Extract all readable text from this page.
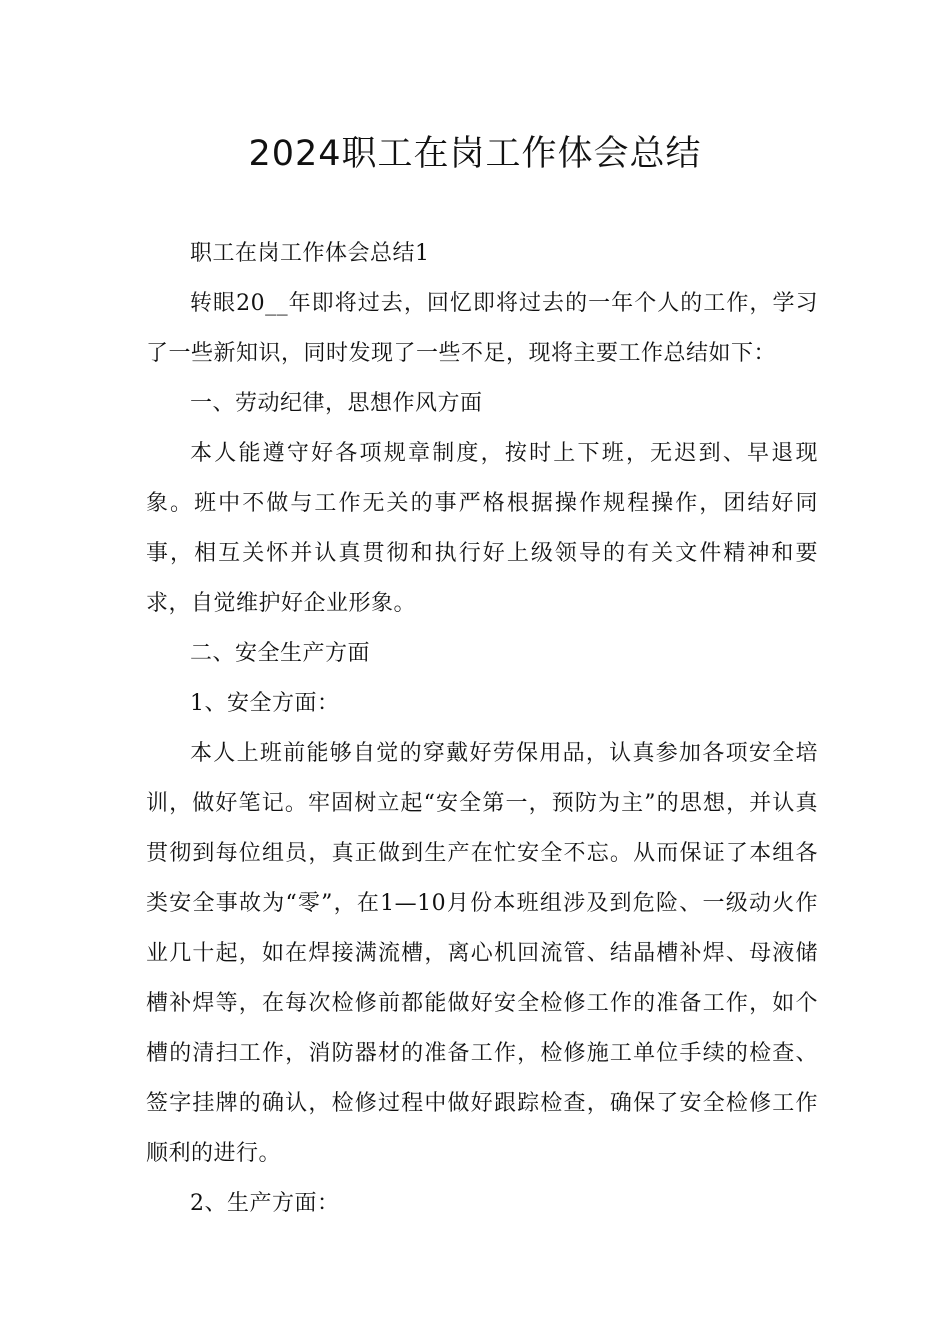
2024职工在岗工作体会总结

职工在岗工作体会总结1

转眼20__年即将过去，回忆即将过去的一年个人的工作，学习了一些新知识，同时发现了一些不足，现将主要工作总结如下：

一、劳动纪律，思想作风方面

本人能遵守好各项规章制度，按时上下班，无迟到、早退现象。班中不做与工作无关的事严格根据操作规程操作，团结好同事，相互关怀并认真贯彻和执行好上级领导的有关文件精神和要求，自觉维护好企业形象。

二、安全生产方面

1、安全方面：

本人上班前能够自觉的穿戴好劳保用品，认真参加各项安全培训，做好笔记。牢固树立起“安全第一，预防为主”的思想，并认真贯彻到每位组员，真正做到生产在忙安全不忘。从而保证了本组各类安全事故为“零”，在1—10月份本班组涉及到危险、一级动火作业几十起，如在焊接满流槽，离心机回流管、结晶槽补焊、母液储槽补焊等，在每次检修前都能做好安全检修工作的准备工作，如个槽的清扫工作，消防器材的准备工作，检修施工单位手续的检查、签字挂牌的确认，检修过程中做好跟踪检查，确保了安全检修工作顺利的进行。

2、生产方面：
